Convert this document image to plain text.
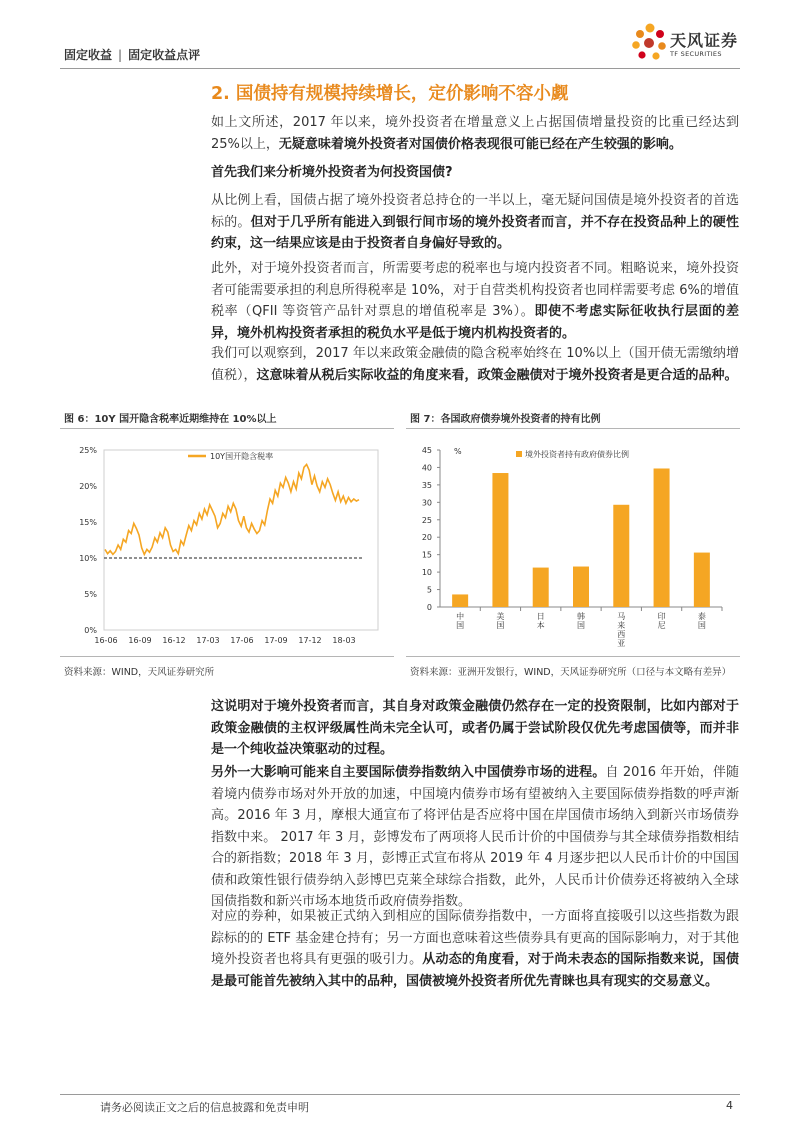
固定收益 | 固定收益点评
天风证券
TF SECURITIES
2. 国债持有规模持续增长，定价影响不容小觑
如上文所述，2017 年以来，境外投资者在增量意义上占据国债增量投资的比重已经达到 25%以上，无疑意味着境外投资者对国债价格表现很可能已经在产生较强的影响。
首先我们来分析境外投资者为何投资国债?
从比例上看，国债占据了境外投资者总持仓的一半以上，毫无疑问国债是境外投资者的首选标的。但对于几乎所有能进入到银行间市场的境外投资者而言，并不存在投资品种上的硬性约束，这一结果应该是由于投资者自身偏好导致的。
此外，对于境外投资者而言，所需要考虑的税率也与境内投资者不同。粗略说来，境外投资者可能需要承担的利息所得税率是 10%，对于自营类机构投资者也同样需要考虑 6%的增值税率（QFII 等资管产品针对票息的增值税率是 3%）。即使不考虑实际征收执行层面的差异，境外机构投资者承担的税负水平是低于境内机构投资者的。
我们可以观察到，2017 年以来政策金融债的隐含税率始终在 10%以上（国开债无需缴纳增值税），这意味着从税后实际收益的角度来看，政策金融债对于境外投资者是更合适的品种。
图 6：10Y 国开隐含税率近期维持在 10%以上
25%
20%
15%
10%
5%
0%
16-06 16-09 16-12 17-03 17-06 17-09 17-12 18-03
10Y国开隐含税率
资料来源：WIND，天风证券研究所
图 7：各国政府债券境外投资者的持有比例
45
40
35
30
25
20
15
10
5
0
%
中国
美国
日本
韩国
马来西亚
印尼
泰国
境外投资者持有政府债券比例
资料来源：亚洲开发银行，WIND，天风证券研究所（口径与本文略有差异）
这说明对于境外投资者而言，其自身对政策金融债仍然存在一定的投资限制，比如内部对于政策金融债的主权评级属性尚未完全认可，或者仍属于尝试阶段仅优先考虑国债等，而并非是一个纯收益决策驱动的过程。
另外一大影响可能来自主要国际债券指数纳入中国债券市场的进程。自 2016 年开始，伴随着境内债券市场对外开放的加速，中国境内债券市场有望被纳入主要国际债券指数的呼声渐高。2016 年 3 月，摩根大通宣布了将评估是否应将中国在岸国债市场纳入到新兴市场债券指数中来。 2017 年 3 月，彭博发布了两项将人民币计价的中国债券与其全球债券指数相结合的新指数；2018 年 3 月，彭博正式宣布将从 2019 年 4 月逐步把以人民币计价的中国国债和政策性银行债券纳入彭博巴克莱全球综合指数，此外，人民币计价债券还将被纳入全球国债指数和新兴市场本地货币政府债券指数。
对应的券种，如果被正式纳入到相应的国际债券指数中，一方面将直接吸引以这些指数为跟踪标的的 ETF 基金建仓持有；另一方面也意味着这些债券具有更高的国际影响力，对于其他境外投资者也将具有更强的吸引力。从动态的角度看，对于尚未表态的国际指数来说，国债是最可能首先被纳入其中的品种，国债被境外投资者所优先青睐也具有现实的交易意义。
请务必阅读正文之后的信息披露和免责申明	4
